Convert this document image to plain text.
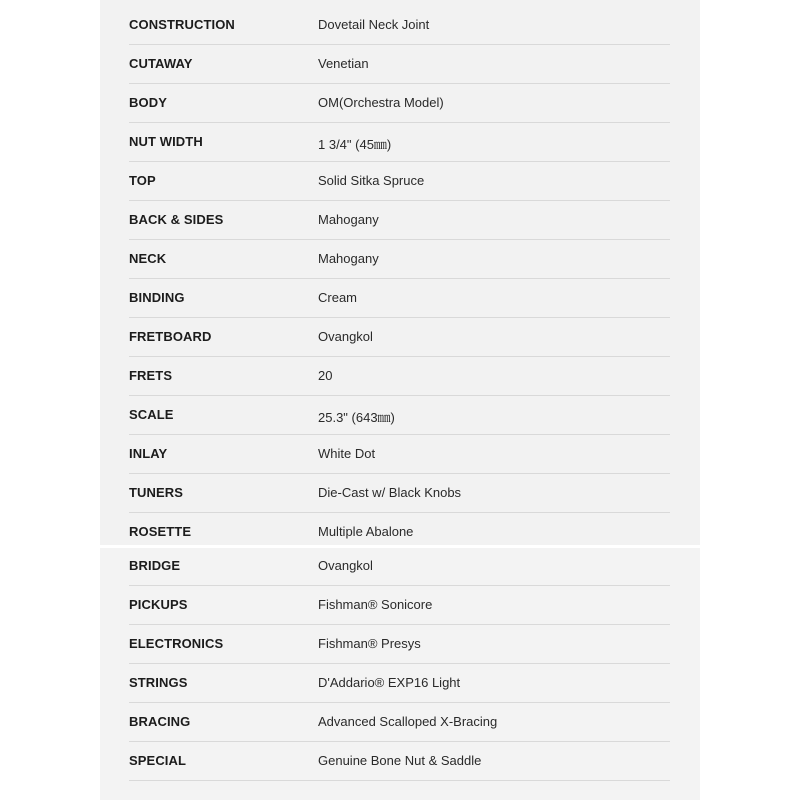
CONSTRUCTION	Dovetail Neck Joint
CUTAWAY	Venetian
BODY	OM(Orchestra Model)
NUT WIDTH	1 3/4" (45㎜)
TOP	Solid Sitka Spruce
BACK & SIDES	Mahogany
NECK	Mahogany
BINDING	Cream
FRETBOARD	Ovangkol
FRETS	20
SCALE	25.3" (643㎜)
INLAY	White Dot
TUNERS	Die-Cast w/ Black Knobs
ROSETTE	Multiple Abalone
BRIDGE	Ovangkol
PICKUPS	Fishman® Sonicore
ELECTRONICS	Fishman® Presys
STRINGS	D'Addario® EXP16 Light
BRACING	Advanced Scalloped X-Bracing
SPECIAL	Genuine Bone Nut & Saddle
